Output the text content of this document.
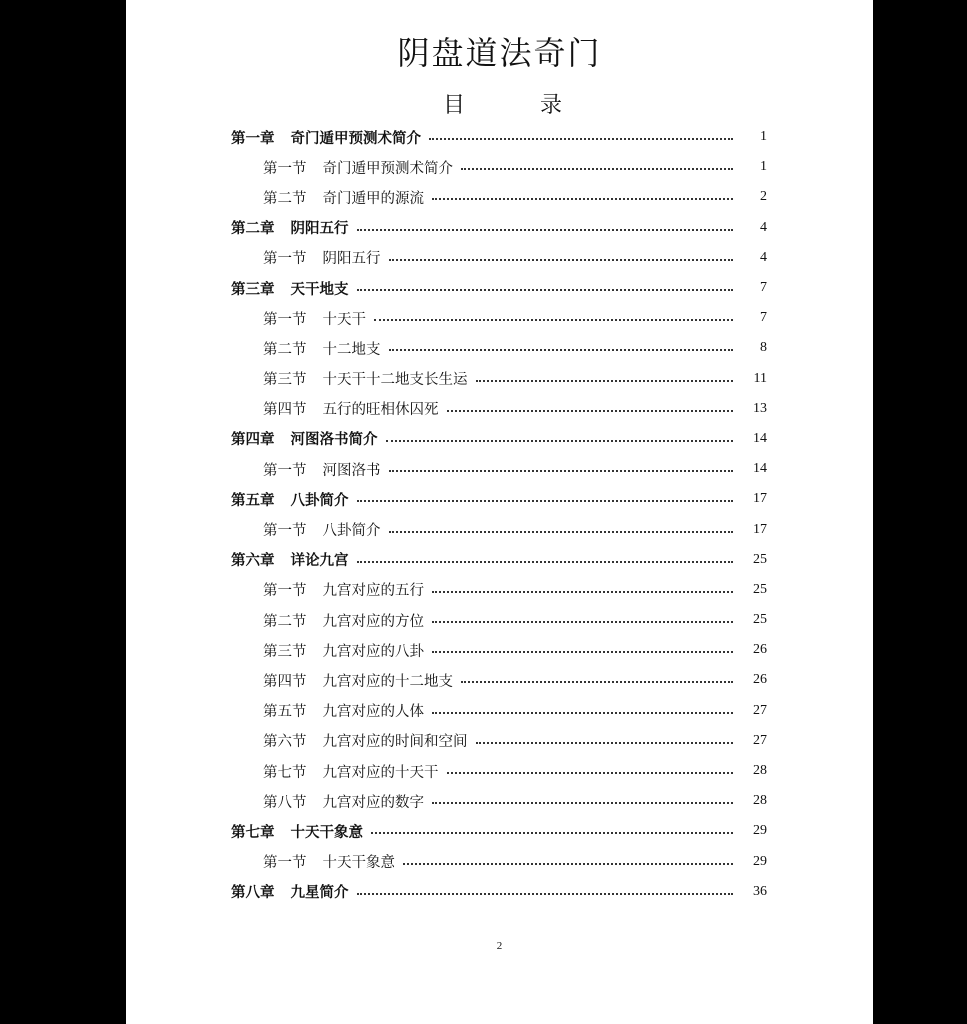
阴盘道法奇门
目 录
第一章 奇门遁甲预测术简介	1
第一节 奇门遁甲预测术简介	1
第二节 奇门遁甲的源流	2
第二章 阴阳五行	4
第一节 阴阳五行	4
第三章 天干地支	7
第一节 十天干	7
第二节 十二地支	8
第三节 十天干十二地支长生运	11
第四节 五行的旺相休囚死	13
第四章 河图洛书简介	14
第一节 河图洛书	14
第五章 八卦简介	17
第一节 八卦简介	17
第六章 详论九宫	25
第一节 九宫对应的五行	25
第二节 九宫对应的方位	25
第三节 九宫对应的八卦	26
第四节 九宫对应的十二地支	26
第五节 九宫对应的人体	27
第六节 九宫对应的时间和空间	27
第七节 九宫对应的十天干	28
第八节 九宫对应的数字	28
第七章 十天干象意	29
第一节 十天干象意	29
第八章 九星简介	36
2
